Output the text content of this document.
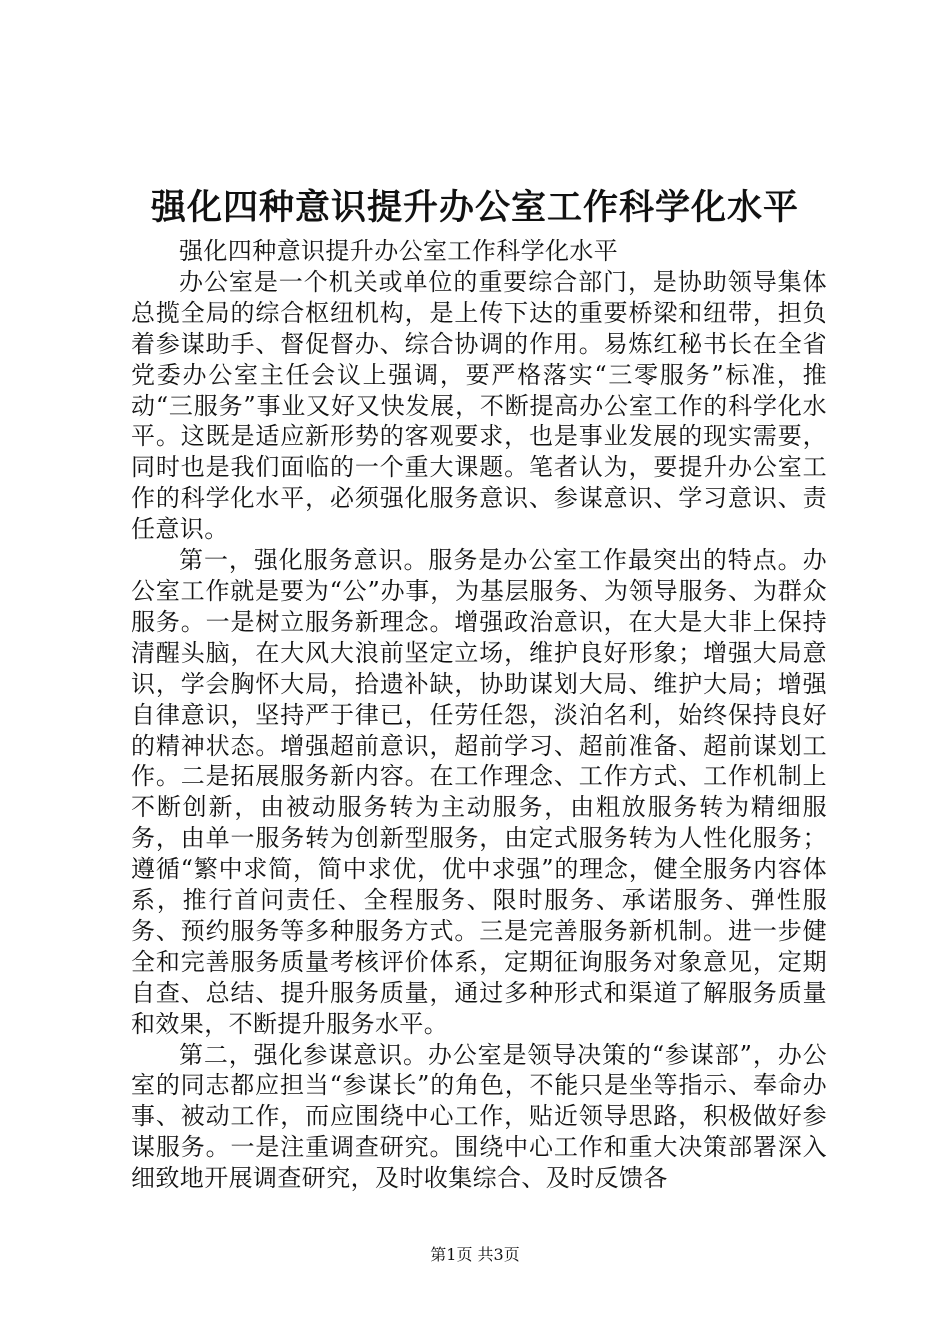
强化四种意识提升办公室工作科学化水平

强化四种意识提升办公室工作科学化水平

办公室是一个机关或单位的重要综合部门，是协助领导集体总揽全局的综合枢纽机构，是上传下达的重要桥梁和纽带，担负着参谋助手、督促督办、综合协调的作用。易炼红秘书长在全省党委办公室主任会议上强调，要严格落实“三零服务”标准，推动“三服务”事业又好又快发展，不断提高办公室工作的科学化水平。这既是适应新形势的客观要求，也是事业发展的现实需要，同时也是我们面临的一个重大课题。笔者认为，要提升办公室工作的科学化水平，必须强化服务意识、参谋意识、学习意识、责任意识。

第一，强化服务意识。服务是办公室工作最突出的特点。办公室工作就是要为“公”办事，为基层服务、为领导服务、为群众服务。一是树立服务新理念。增强政治意识，在大是大非上保持清醒头脑，在大风大浪前坚定立场，维护良好形象；增强大局意识，学会胸怀大局，拾遗补缺，协助谋划大局、维护大局；增强自律意识，坚持严于律已，任劳任怨，淡泊名利，始终保持良好的精神状态。增强超前意识，超前学习、超前准备、超前谋划工作。二是拓展服务新内容。在工作理念、工作方式、工作机制上不断创新，由被动服务转为主动服务，由粗放服务转为精细服务，由单一服务转为创新型服务，由定式服务转为人性化服务；遵循“繁中求简，简中求优，优中求强”的理念，健全服务内容体系，推行首问责任、全程服务、限时服务、承诺服务、弹性服务、预约服务等多种服务方式。三是完善服务新机制。进一步健全和完善服务质量考核评价体系，定期征询服务对象意见，定期自查、总结、提升服务质量，通过多种形式和渠道了解服务质量和效果，不断提升服务水平。

第二，强化参谋意识。办公室是领导决策的“参谋部”，办公室的同志都应担当“参谋长”的角色，不能只是坐等指示、奉命办事、被动工作，而应围绕中心工作，贴近领导思路，积极做好参谋服务。一是注重调查研究。围绕中心工作和重大决策部署深入细致地开展调查研究，及时收集综合、及时反馈各

第1页 共3页
